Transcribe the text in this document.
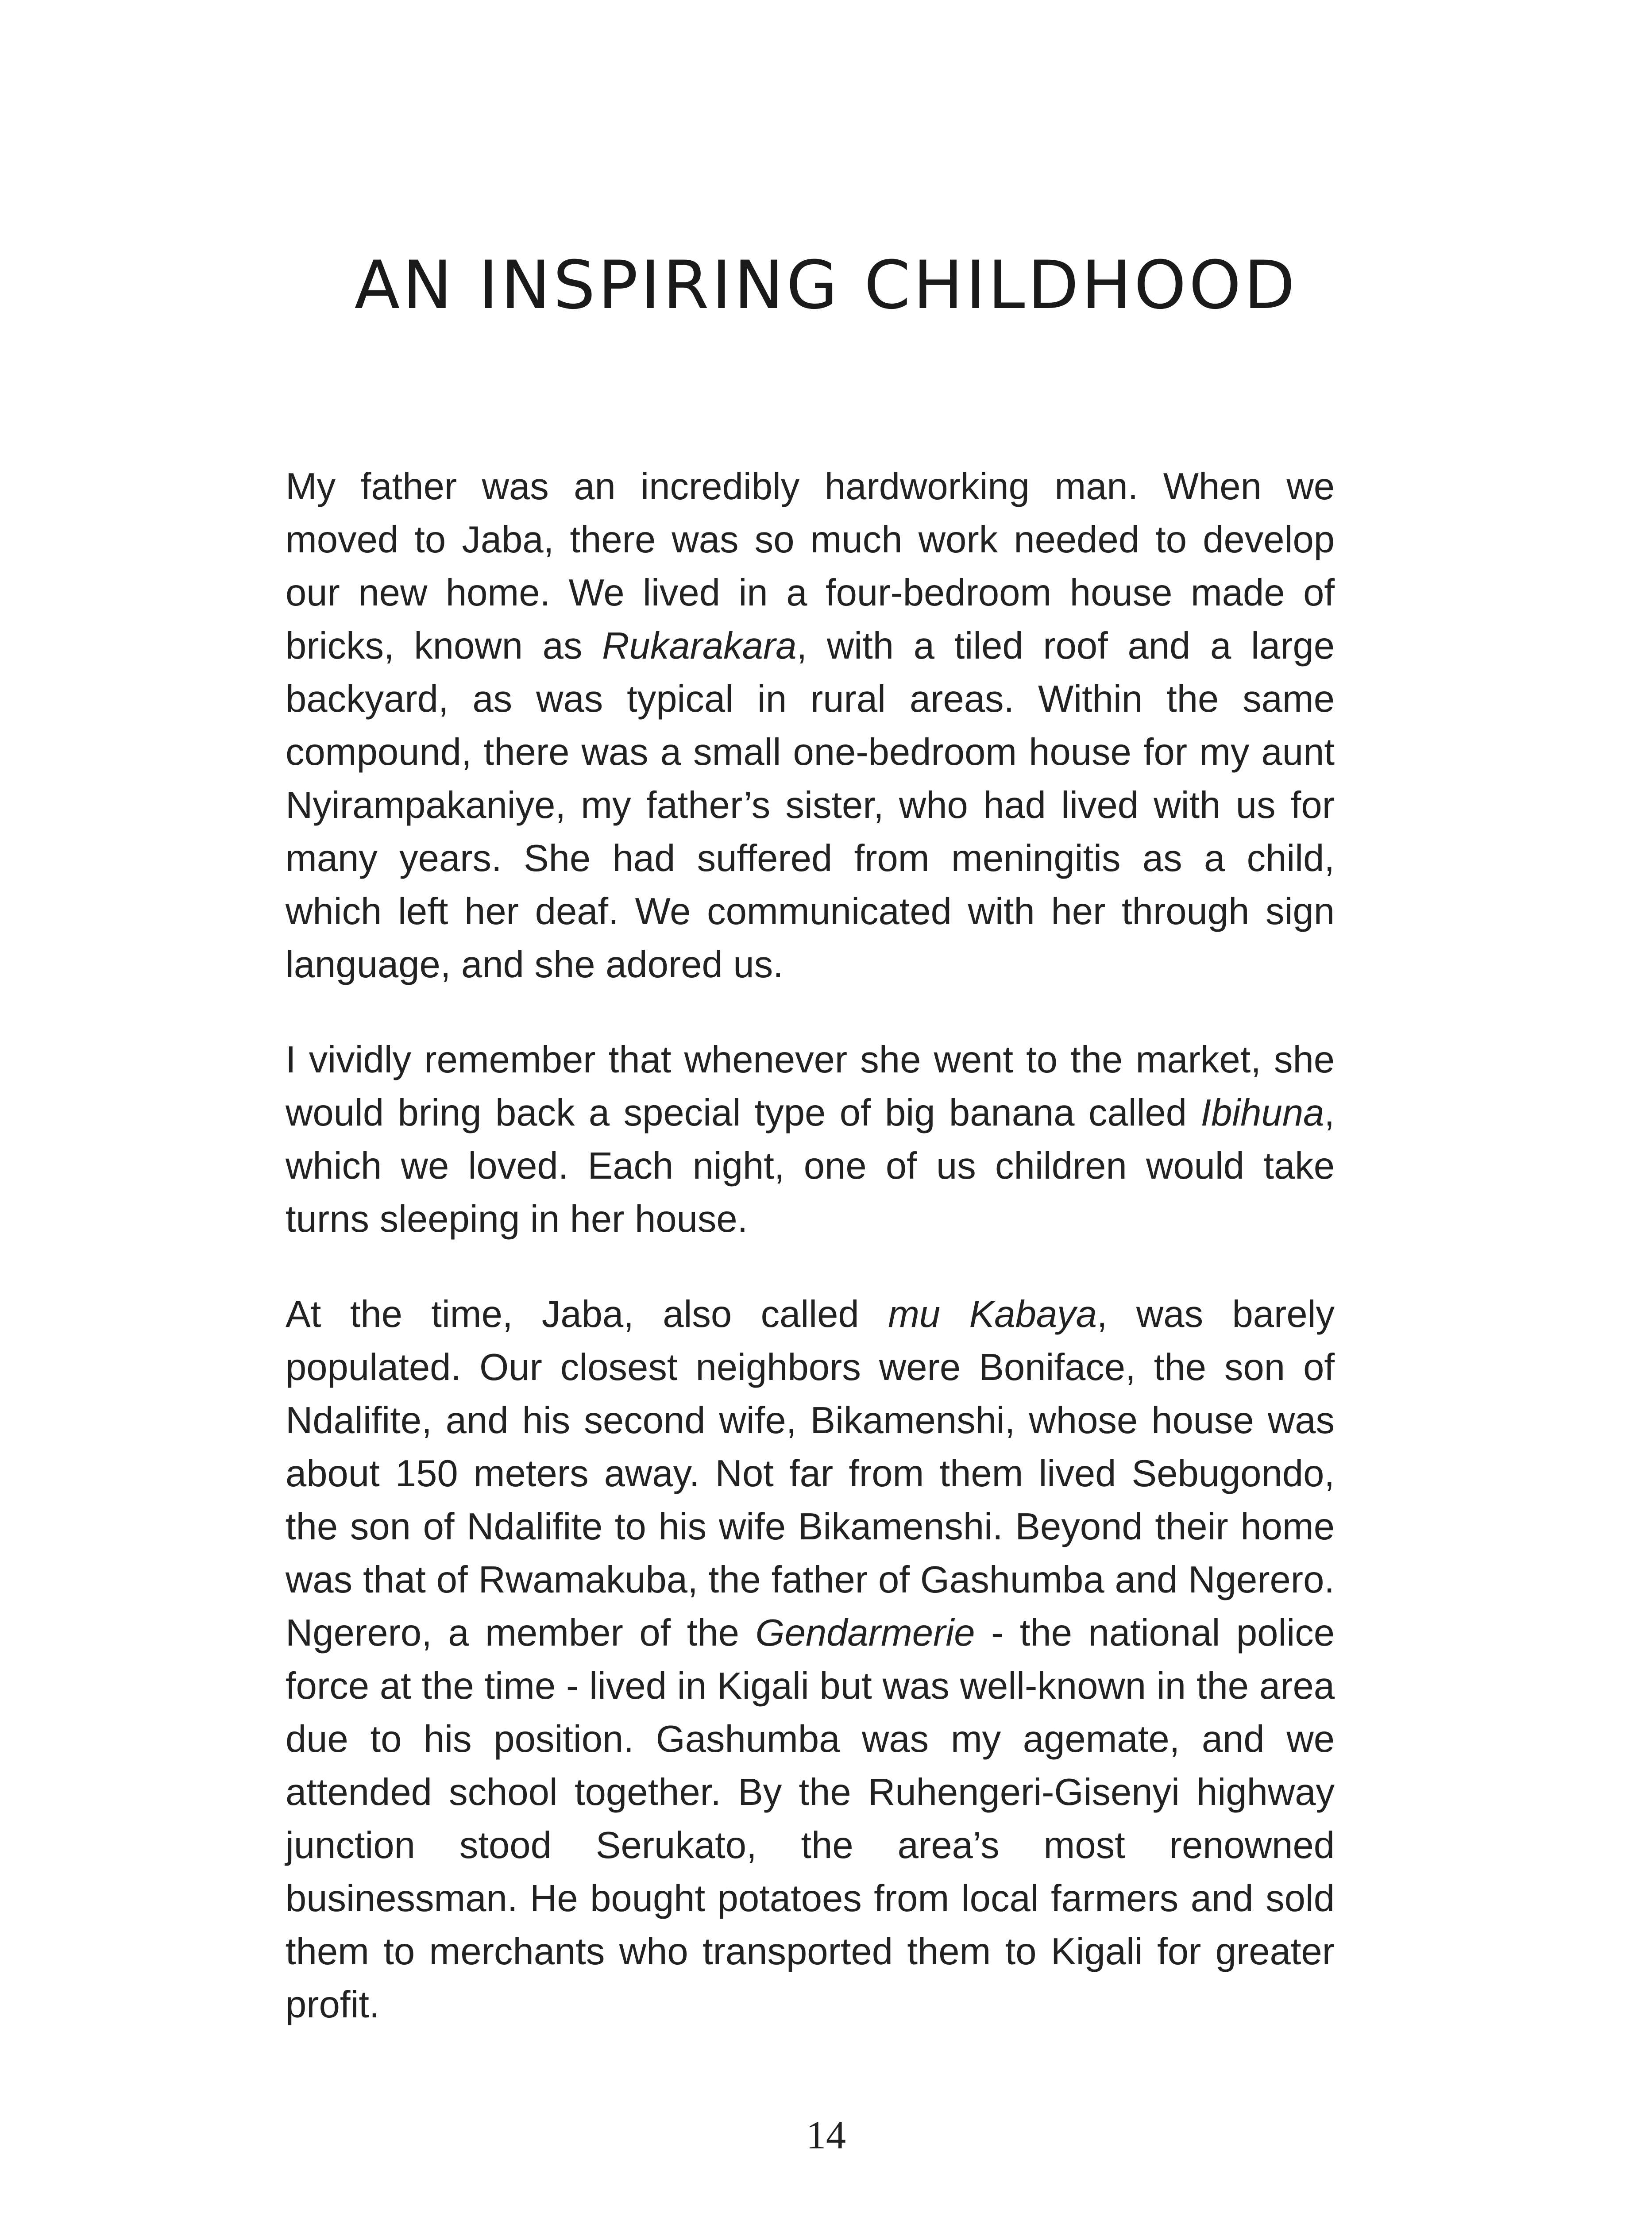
AN INSPIRING CHILDHOOD

My father was an incredibly hardworking man. When we moved to Jaba, there was so much work needed to develop our new home. We lived in a four-bedroom house made of bricks, known as Rukarakara, with a tiled roof and a large backyard, as was typical in rural areas. Within the same compound, there was a small one-bedroom house for my aunt Nyirampakaniye, my father’s sister, who had lived with us for many years. She had suffered from meningitis as a child, which left her deaf. We communicated with her through sign language, and she adored us.

I vividly remember that whenever she went to the market, she would bring back a special type of big banana called Ibihuna, which we loved. Each night, one of us children would take turns sleeping in her house.

At the time, Jaba, also called mu Kabaya, was barely populated. Our closest neighbors were Boniface, the son of Ndalifite, and his second wife, Bikamenshi, whose house was about 150 meters away. Not far from them lived Sebugondo, the son of Ndalifite to his wife Bikamenshi. Beyond their home was that of Rwamakuba, the father of Gashumba and Ngerero. Ngerero, a member of the Gendarmerie - the national police force at the time - lived in Kigali but was well-known in the area due to his position. Gashumba was my agemate, and we attended school together. By the Ruhengeri-Gisenyi highway junction stood Serukato, the area’s most renowned businessman. He bought potatoes from local farmers and sold them to merchants who transported them to Kigali for greater profit.

14
